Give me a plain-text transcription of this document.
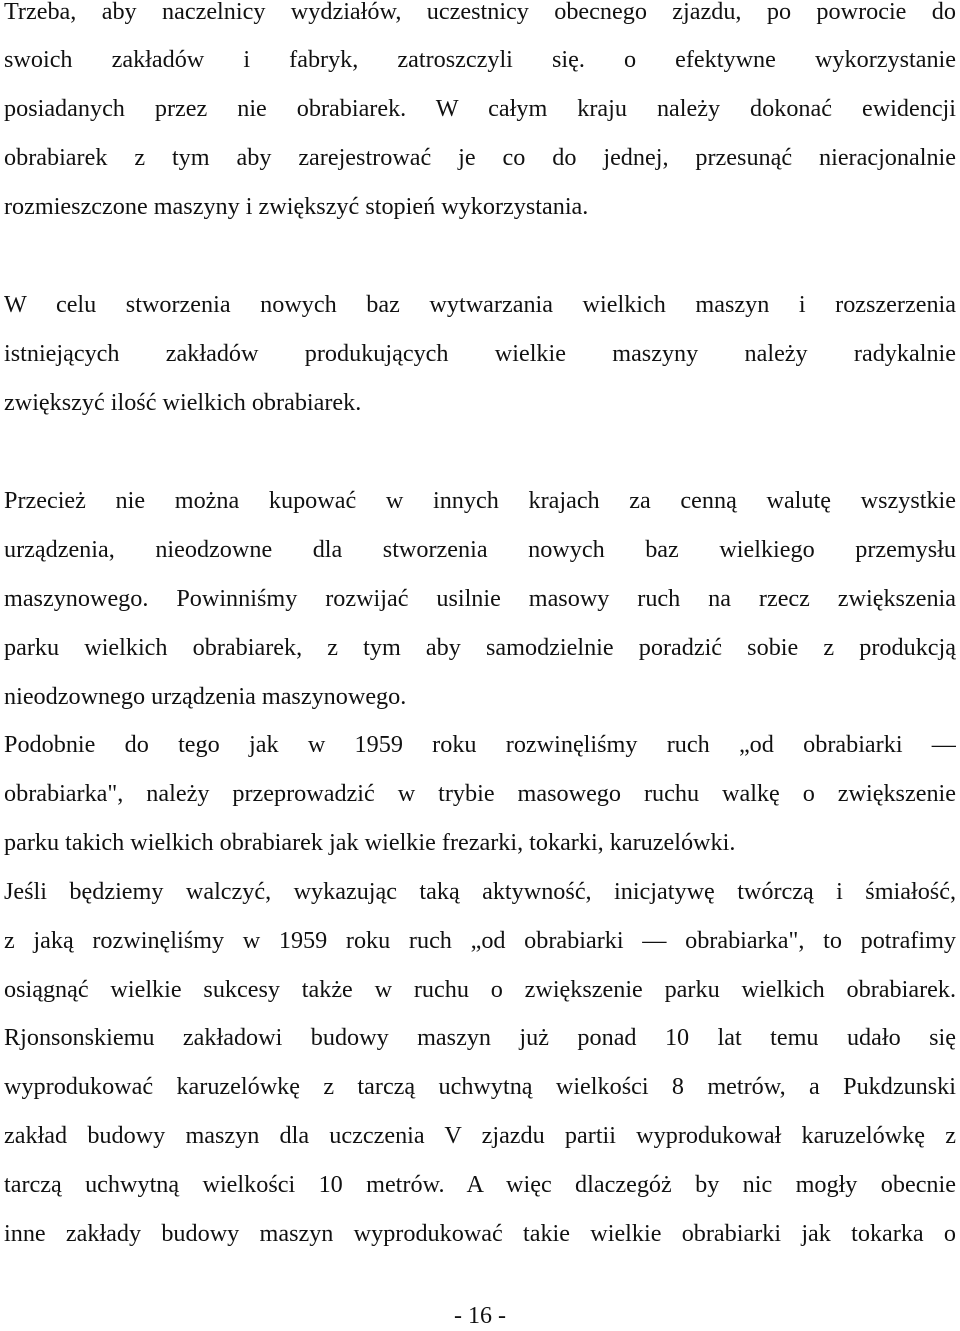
Trzeba, aby naczelnicy wydziałów, uczestnicy obecnego zjazdu, po powrocie do
swoich zakładów i fabryk, zatroszczyli się. o efektywne wykorzystanie
posiadanych przez nie obrabiarek. W całym kraju należy dokonać ewidencji
obrabiarek z tym aby zarejestrować je co do jednej, przesunąć nieracjonalnie
rozmieszczone maszyny i zwiększyć stopień wykorzystania.
W celu stworzenia nowych baz wytwarzania wielkich maszyn i rozszerzenia
istniejących zakładów produkujących wielkie maszyny należy radykalnie
zwiększyć ilość wielkich obrabiarek.
Przecież nie można kupować w innych krajach za cenną walutę wszystkie
urządzenia, nieodzowne dla stworzenia nowych baz wielkiego przemysłu
maszynowego. Powinniśmy rozwijać usilnie masowy ruch na rzecz zwiększenia
parku wielkich obrabiarek, z tym aby samodzielnie poradzić sobie z produkcją
nieodzownego urządzenia maszynowego.
Podobnie do tego jak w 1959 roku rozwinęliśmy ruch „od obrabiarki —
obrabiarka", należy przeprowadzić w trybie masowego ruchu walkę o zwiększenie
parku takich wielkich obrabiarek jak wielkie frezarki, tokarki, karuzelówki.
Jeśli będziemy walczyć, wykazując taką aktywność, inicjatywę twórczą i śmiałość,
z jaką rozwinęliśmy w 1959 roku ruch „od obrabiarki — obrabiarka", to potrafimy
osiągnąć wielkie sukcesy także w ruchu o zwiększenie parku wielkich obrabiarek.
Rjonsonskiemu zakładowi budowy maszyn już ponad 10 lat temu udało się
wyprodukować karuzelówkę z tarczą uchwytną wielkości 8 metrów, a Pukdzunski
zakład budowy maszyn dla uczczenia V zjazdu partii wyprodukował karuzelówkę z
tarczą uchwytną wielkości 10 metrów. A więc dlaczegóż by nic mogły obecnie
inne zakłady budowy maszyn wyprodukować takie wielkie obrabiarki jak tokarka o
- 16 -
